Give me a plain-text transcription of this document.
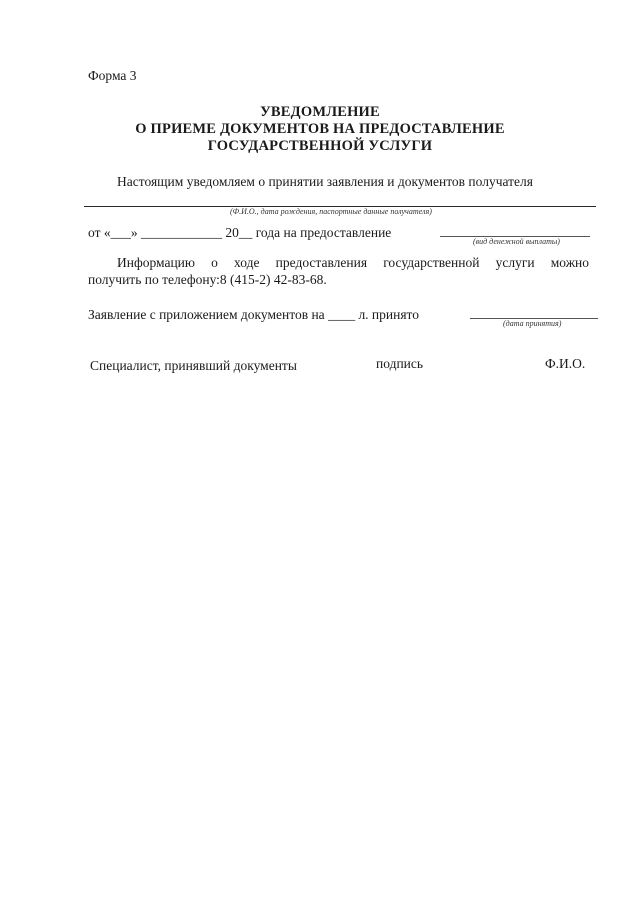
Форма 3
УВЕДОМЛЕНИЕ
О ПРИЕМЕ ДОКУМЕНТОВ НА ПРЕДОСТАВЛЕНИЕ
ГОСУДАРСТВЕННОЙ УСЛУГИ
Настоящим уведомляем о принятии заявления и документов получателя
(Ф.И.О., дата рождения, паспортные данные получателя)
от «___» ____________ 20__ года на предоставление
(вид денежной выплаты)
Информацию о ходе предоставления государственной услуги можно
получить по телефону:8 (415-2) 42-83-68.
Заявление с приложением документов на ____ л. принято
(дата принятия)
Специалист, принявший документы	подпись	Ф.И.О.
